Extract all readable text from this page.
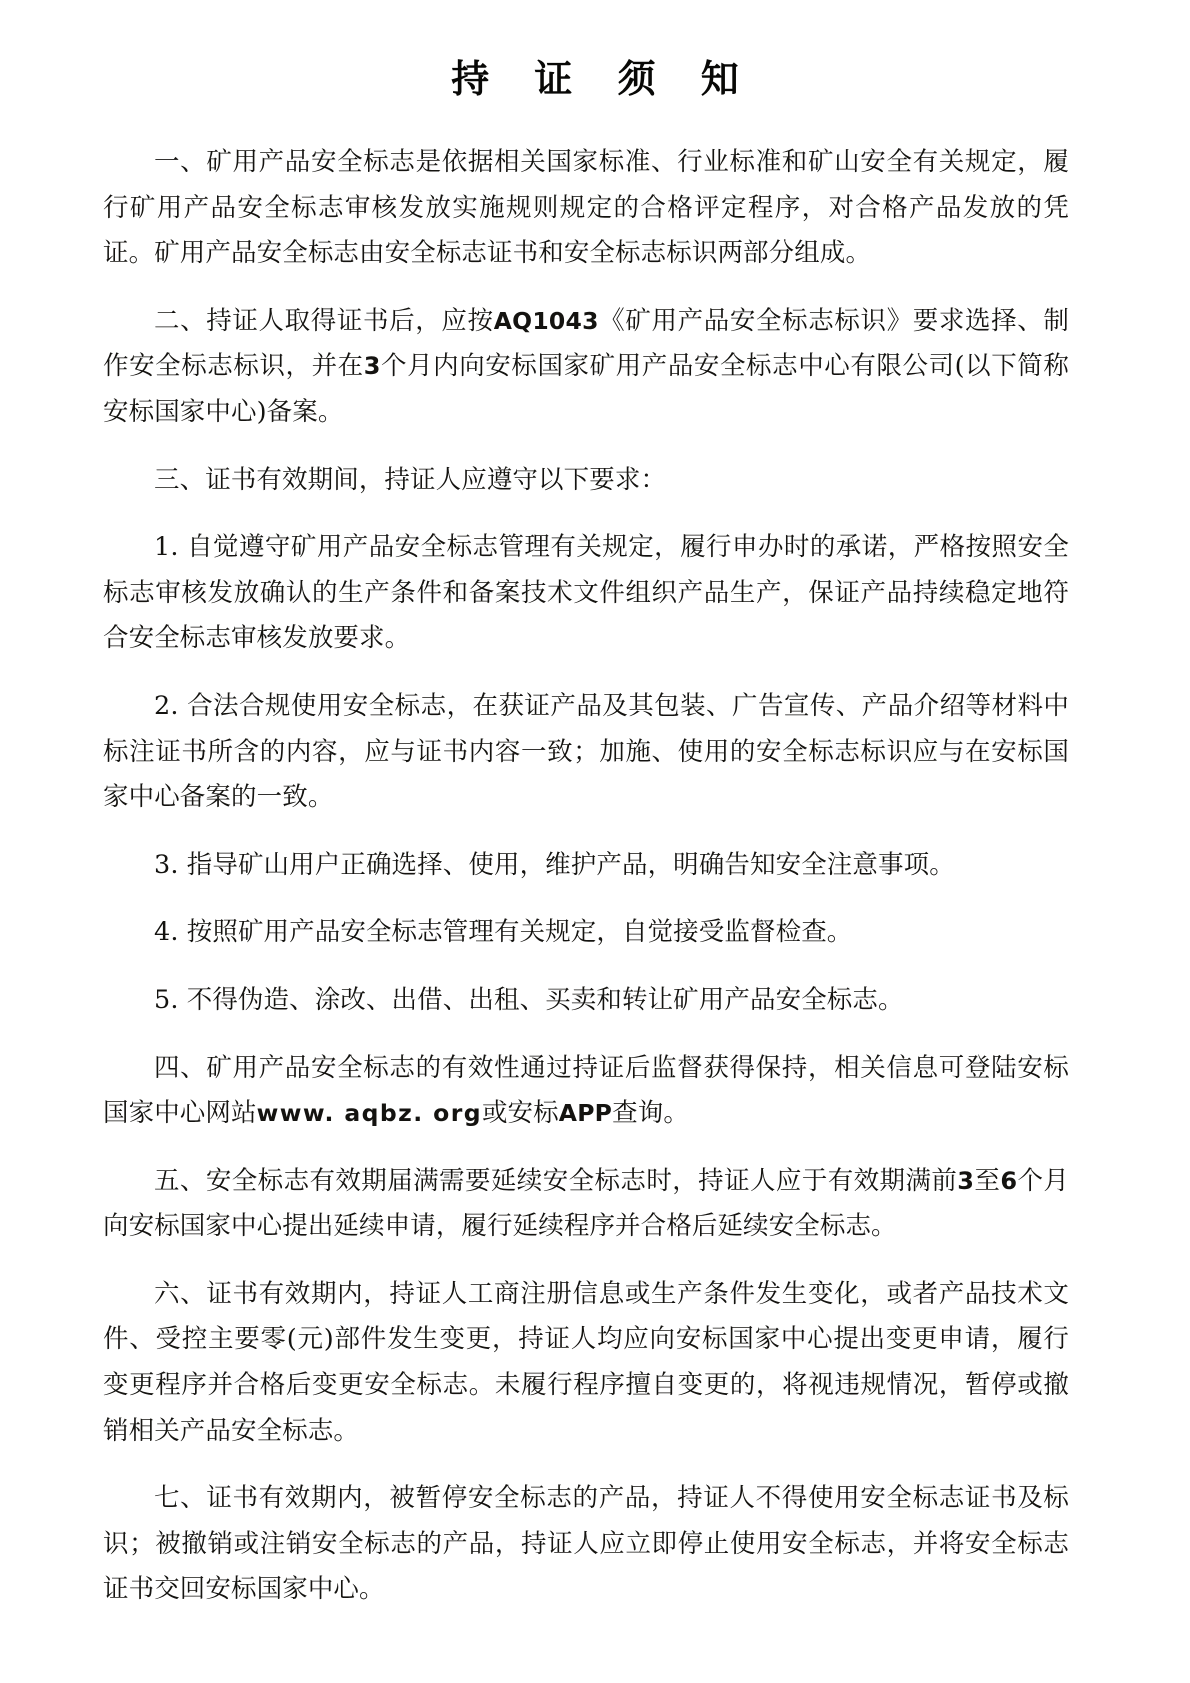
持 证 须 知

一、矿用产品安全标志是依据相关国家标准、行业标准和矿山安全有关规定，履行矿用产品安全标志审核发放实施规则规定的合格评定程序，对合格产品发放的凭证。矿用产品安全标志由安全标志证书和安全标志标识两部分组成。

二、持证人取得证书后，应按AQ1043《矿用产品安全标志标识》要求选择、制作安全标志标识，并在3个月内向安标国家矿用产品安全标志中心有限公司(以下简称安标国家中心)备案。

三、证书有效期间，持证人应遵守以下要求：

1. 自觉遵守矿用产品安全标志管理有关规定，履行申办时的承诺，严格按照安全标志审核发放确认的生产条件和备案技术文件组织产品生产，保证产品持续稳定地符合安全标志审核发放要求。

2. 合法合规使用安全标志，在获证产品及其包装、广告宣传、产品介绍等材料中标注证书所含的内容，应与证书内容一致；加施、使用的安全标志标识应与在安标国家中心备案的一致。

3. 指导矿山用户正确选择、使用，维护产品，明确告知安全注意事项。

4. 按照矿用产品安全标志管理有关规定，自觉接受监督检查。

5. 不得伪造、涂改、出借、出租、买卖和转让矿用产品安全标志。

四、矿用产品安全标志的有效性通过持证后监督获得保持，相关信息可登陆安标国家中心网站www. aqbz. org或安标APP查询。

五、安全标志有效期届满需要延续安全标志时，持证人应于有效期满前3至6个月向安标国家中心提出延续申请，履行延续程序并合格后延续安全标志。

六、证书有效期内，持证人工商注册信息或生产条件发生变化，或者产品技术文件、受控主要零(元)部件发生变更，持证人均应向安标国家中心提出变更申请，履行变更程序并合格后变更安全标志。未履行程序擅自变更的，将视违规情况，暂停或撤销相关产品安全标志。

七、证书有效期内，被暂停安全标志的产品，持证人不得使用安全标志证书及标识；被撤销或注销安全标志的产品，持证人应立即停止使用安全标志，并将安全标志证书交回安标国家中心。
